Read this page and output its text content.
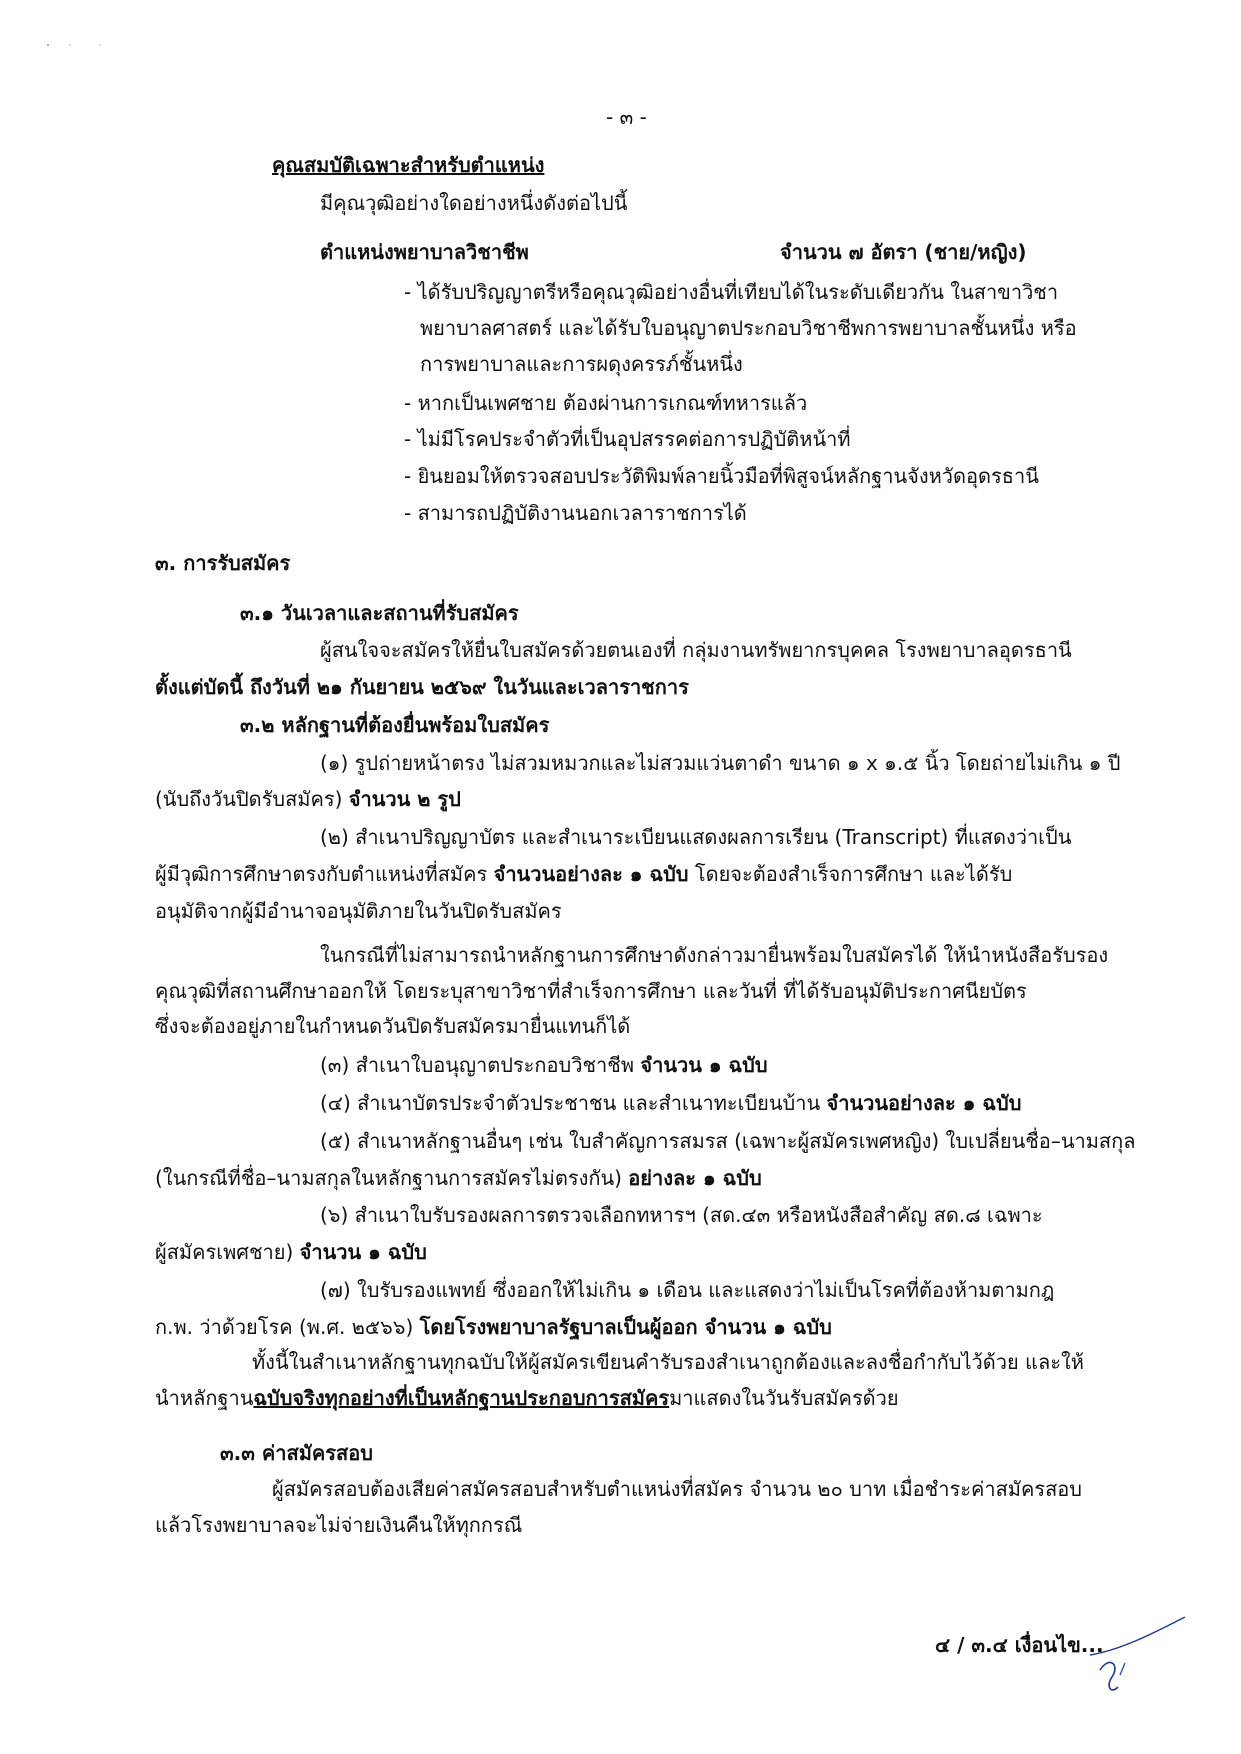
- ๓ -
คุณสมบัติเฉพาะสำหรับตำแหน่ง
มีคุณวุฒิอย่างใดอย่างหนึ่งดังต่อไปนี้
ตำแหน่งพยาบาลวิชาชีพ	จำนวน ๗ อัตรา (ชาย/หญิง)
- ได้รับปริญญาตรีหรือคุณวุฒิอย่างอื่นที่เทียบได้ในระดับเดียวกัน ในสาขาวิชา
พยาบาลศาสตร์ และได้รับใบอนุญาตประกอบวิชาชีพการพยาบาลชั้นหนึ่ง หรือ
การพยาบาลและการผดุงครรภ์ชั้นหนึ่ง
- หากเป็นเพศชาย ต้องผ่านการเกณฑ์ทหารแล้ว
- ไม่มีโรคประจำตัวที่เป็นอุปสรรคต่อการปฏิบัติหน้าที่
- ยินยอมให้ตรวจสอบประวัติพิมพ์ลายนิ้วมือที่พิสูจน์หลักฐานจังหวัดอุดรธานี
- สามารถปฏิบัติงานนอกเวลาราชการได้
๓. การรับสมัคร
๓.๑ วันเวลาและสถานที่รับสมัคร
ผู้สนใจจะสมัครให้ยื่นใบสมัครด้วยตนเองที่ กลุ่มงานทรัพยากรบุคคล โรงพยาบาลอุดรธานี
ตั้งแต่บัดนี้ ถึงวันที่ ๒๑ กันยายน ๒๕๖๙ ในวันและเวลาราชการ
๓.๒ หลักฐานที่ต้องยื่นพร้อมใบสมัคร
(๑) รูปถ่ายหน้าตรง ไม่สวมหมวกและไม่สวมแว่นตาดำ ขนาด ๑ x ๑.๕ นิ้ว โดยถ่ายไม่เกิน ๑ ปี
(นับถึงวันปิดรับสมัคร) จำนวน ๒ รูป
(๒) สำเนาปริญญาบัตร และสำเนาระเบียนแสดงผลการเรียน (Transcript) ที่แสดงว่าเป็น
ผู้มีวุฒิการศึกษาตรงกับตำแหน่งที่สมัคร จำนวนอย่างละ ๑ ฉบับ โดยจะต้องสำเร็จการศึกษา และได้รับ
อนุมัติจากผู้มีอำนาจอนุมัติภายในวันปิดรับสมัคร
ในกรณีที่ไม่สามารถนำหลักฐานการศึกษาดังกล่าวมายื่นพร้อมใบสมัครได้ ให้นำหนังสือรับรอง
คุณวุฒิที่สถานศึกษาออกให้ โดยระบุสาขาวิชาที่สำเร็จการศึกษา และวันที่ ที่ได้รับอนุมัติประกาศนียบัตร
ซึ่งจะต้องอยู่ภายในกำหนดวันปิดรับสมัครมายื่นแทนก็ได้
(๓) สำเนาใบอนุญาตประกอบวิชาชีพ จำนวน ๑ ฉบับ
(๔) สำเนาบัตรประจำตัวประชาชน และสำเนาทะเบียนบ้าน จำนวนอย่างละ ๑ ฉบับ
(๕) สำเนาหลักฐานอื่นๆ เช่น ใบสำคัญการสมรส (เฉพาะผู้สมัครเพศหญิง) ใบเปลี่ยนชื่อ–นามสกุล
(ในกรณีที่ชื่อ–นามสกุลในหลักฐานการสมัครไม่ตรงกัน) อย่างละ ๑ ฉบับ
(๖) สำเนาใบรับรองผลการตรวจเลือกทหารฯ (สด.๔๓ หรือหนังสือสำคัญ สด.๘ เฉพาะ
ผู้สมัครเพศชาย) จำนวน ๑ ฉบับ
(๗) ใบรับรองแพทย์ ซึ่งออกให้ไม่เกิน ๑ เดือน และแสดงว่าไม่เป็นโรคที่ต้องห้ามตามกฎ
ก.พ. ว่าด้วยโรค (พ.ศ. ๒๕๖๖) โดยโรงพยาบาลรัฐบาลเป็นผู้ออก จำนวน ๑ ฉบับ
ทั้งนี้ในสำเนาหลักฐานทุกฉบับให้ผู้สมัครเขียนคำรับรองสำเนาถูกต้องและลงชื่อกำกับไว้ด้วย และให้
นำหลักฐานฉบับจริงทุกอย่างที่เป็นหลักฐานประกอบการสมัครมาแสดงในวันรับสมัครด้วย
๓.๓ ค่าสมัครสอบ
ผู้สมัครสอบต้องเสียค่าสมัครสอบสำหรับตำแหน่งที่สมัคร จำนวน ๒๐ บาท เมื่อชำระค่าสมัครสอบ
แล้วโรงพยาบาลจะไม่จ่ายเงินคืนให้ทุกกรณี
๔ / ๓.๔ เงื่อนไข...
